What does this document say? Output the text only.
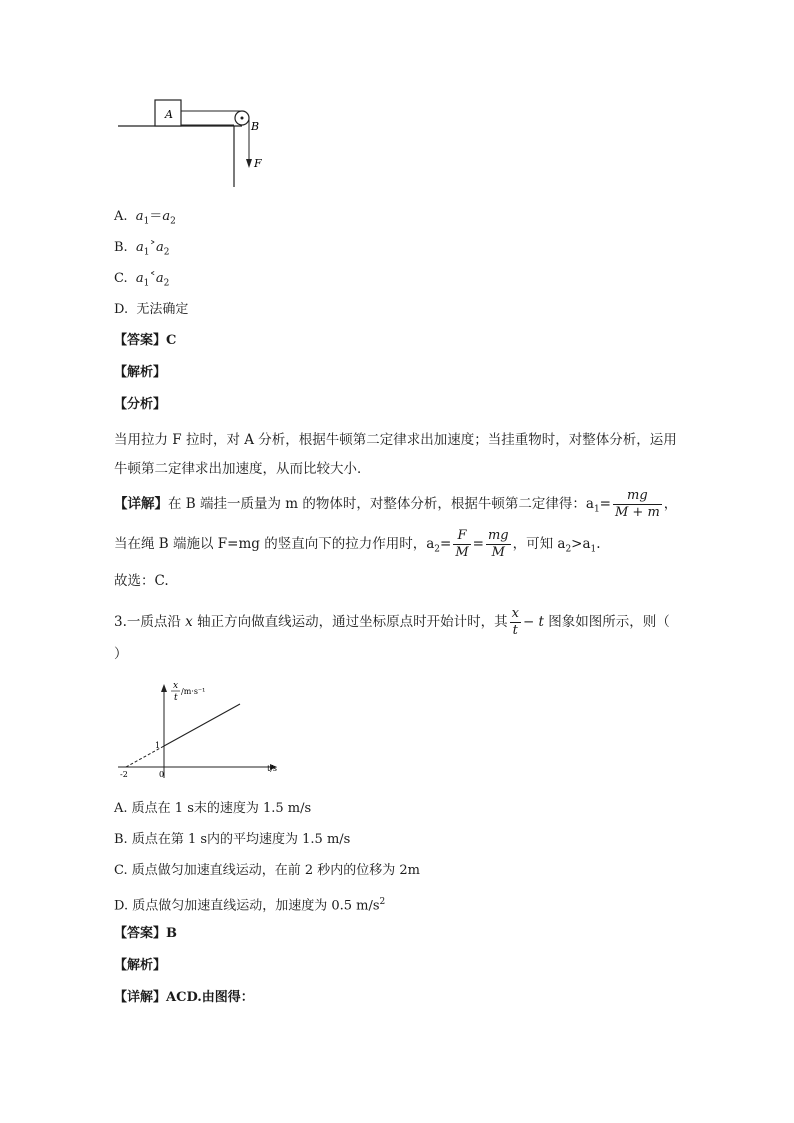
A
B
F
A. $a_1=a_2$
B. $a_1˃a_2$
C. $a_1˂a_2$
D. 无法确定
【答案】C
【解析】
【分析】
当用拉力 F 拉时，对 A 分析，根据牛顿第二定律求出加速度；当挂重物时，对整体分析，运用牛顿第二定律求出加速度，从而比较大小．
【详解】在 B 端挂一质量为 m 的物体时，对整体分析，根据牛顿第二定律得：$a_1= \frac{mg}{M + m}$ ，
当在绳 B 端施以 F=mg 的竖直向下的拉力作用时，$a_2= \frac{F}{M} = \frac{mg}{M}$ ，可知 $a_2>a_1$.
故选：C.
3.一质点沿 x 轴正方向做直线运动，通过坐标原点时开始计时，其 $\frac{x}{t} - t$ 图象如图所示，则（
）
x
t
/m·s⁻¹
t/s
1
0
-2
A. 质点在 1 s末的速度为 1.5 m/s
B. 质点在第 1 s内的平均速度为 1.5 m/s
C. 质点做匀加速直线运动，在前 2 秒内的位移为 2m
D. 质点做匀加速直线运动，加速度为 0.5 $m/s^2$
【答案】B
【解析】
【详解】ACD.由图得：
